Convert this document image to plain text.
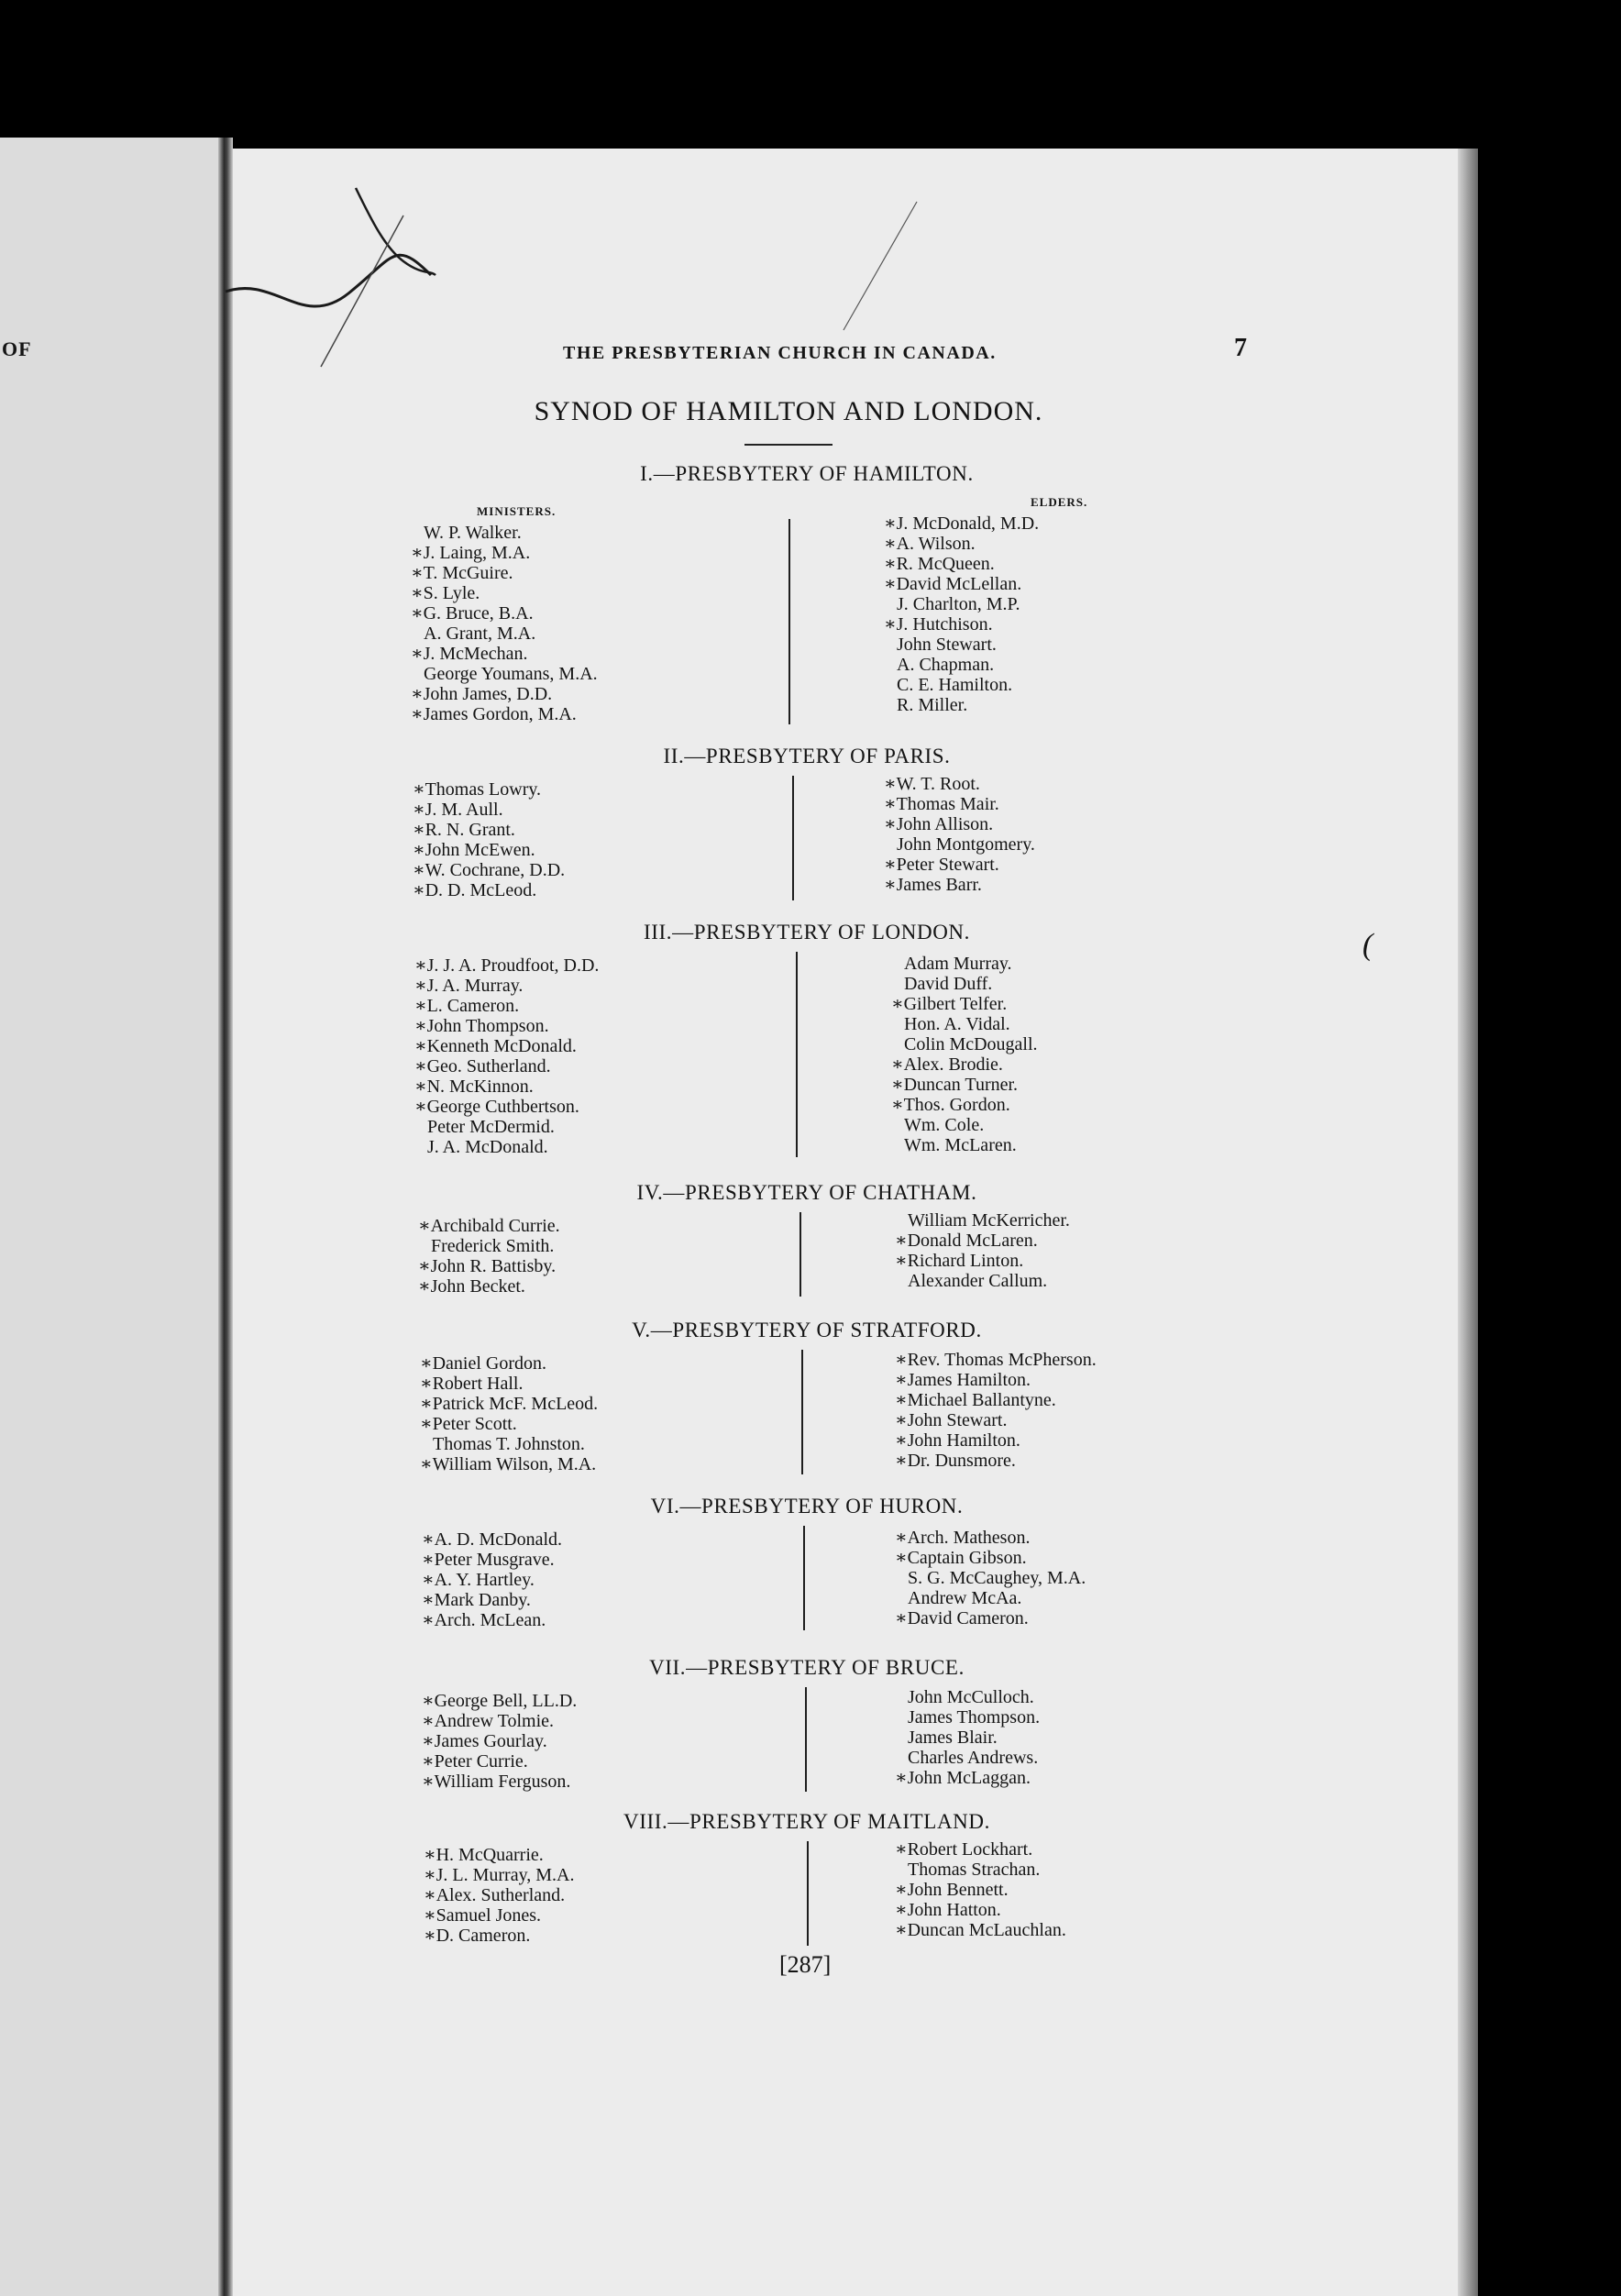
OF	THE PRESBYTERIAN CHURCH IN CANADA.	7
SYNOD OF HAMILTON AND LONDON.
MINISTERS.
ELDERS.
I.—PRESBYTERY OF HAMILTON.
W. P. Walker.
∗J. Laing, M.A.
∗T. McGuire.
∗S. Lyle.
∗G. Bruce, B.A.
A. Grant, M.A.
∗J. McMechan.
George Youmans, M.A.
∗John James, D.D.
∗James Gordon, M.A.
∗J. McDonald, M.D.
∗A. Wilson.
∗R. McQueen.
∗David McLellan.
J. Charlton, M.P.
∗J. Hutchison.
John Stewart.
A. Chapman.
C. E. Hamilton.
R. Miller.
II.—PRESBYTERY OF PARIS.
∗Thomas Lowry.
∗J. M. Aull.
∗R. N. Grant.
∗John McEwen.
∗W. Cochrane, D.D.
∗D. D. McLeod.
∗W. T. Root.
∗Thomas Mair.
∗John Allison.
John Montgomery.
∗Peter Stewart.
∗James Barr.
III.—PRESBYTERY OF LONDON.
∗J. J. A. Proudfoot, D.D.
∗J. A. Murray.
∗L. Cameron.
∗John Thompson.
∗Kenneth McDonald.
∗Geo. Sutherland.
∗N. McKinnon.
∗George Cuthbertson.
Peter McDermid.
J. A. McDonald.
Adam Murray.
David Duff.
∗Gilbert Telfer.
Hon. A. Vidal.
Colin McDougall.
∗Alex. Brodie.
∗Duncan Turner.
∗Thos. Gordon.
Wm. Cole.
Wm. McLaren.
IV.—PRESBYTERY OF CHATHAM.
∗Archibald Currie.
Frederick Smith.
∗John R. Battisby.
∗John Becket.
William McKerricher.
∗Donald McLaren.
∗Richard Linton.
Alexander Callum.
V.—PRESBYTERY OF STRATFORD.
∗Daniel Gordon.
∗Robert Hall.
∗Patrick McF. McLeod.
∗Peter Scott.
Thomas T. Johnston.
∗William Wilson, M.A.
∗Rev. Thomas McPherson.
∗James Hamilton.
∗Michael Ballantyne.
∗John Stewart.
∗John Hamilton.
∗Dr. Dunsmore.
VI.—PRESBYTERY OF HURON.
∗A. D. McDonald.
∗Peter Musgrave.
∗A. Y. Hartley.
∗Mark Danby.
∗Arch. McLean.
∗Arch. Matheson.
∗Captain Gibson.
S. G. McCaughey, M.A.
Andrew McAa.
∗David Cameron.
VII.—PRESBYTERY OF BRUCE.
∗George Bell, LL.D.
∗Andrew Tolmie.
∗James Gourlay.
∗Peter Currie.
∗William Ferguson.
John McCulloch.
James Thompson.
James Blair.
Charles Andrews.
∗John McLaggan.
VIII.—PRESBYTERY OF MAITLAND.
∗H. McQuarrie.
∗J. L. Murray, M.A.
∗Alex. Sutherland.
∗Samuel Jones.
∗D. Cameron.
∗Robert Lockhart.
Thomas Strachan.
∗John Bennett.
∗John Hatton.
∗Duncan McLauchlan.
(
[287]
